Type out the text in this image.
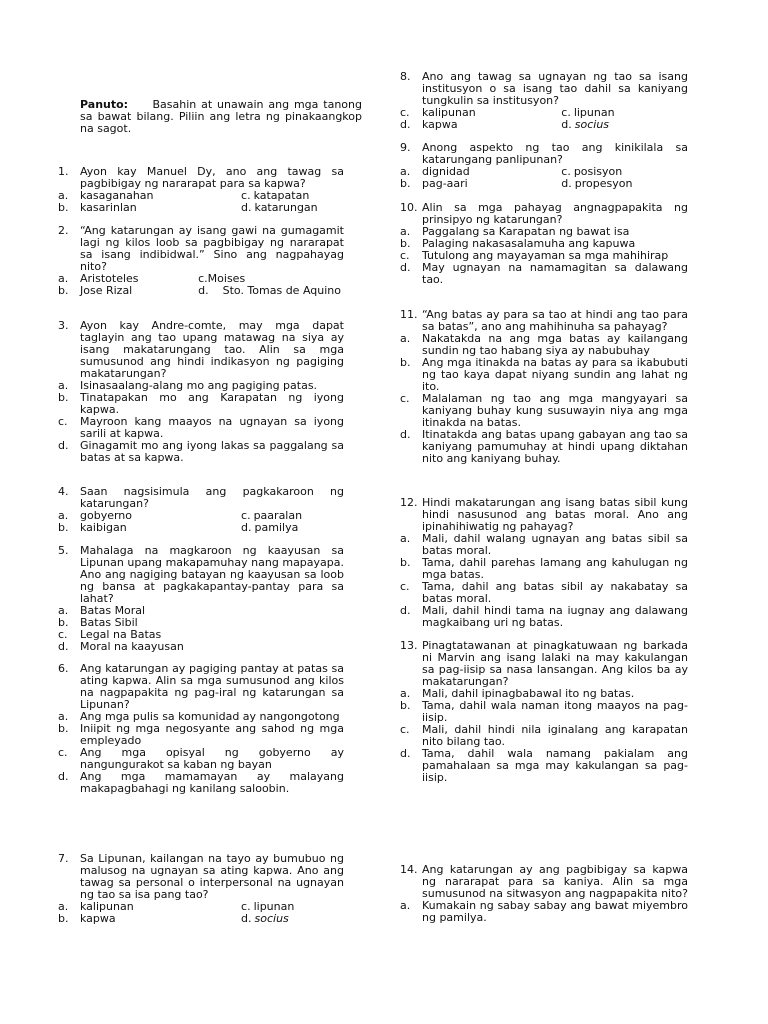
Panuto: Basahin at unawain ang mga tanong sa bawat bilang. Piliin ang letra ng pinakaangkop na sagot.
1.	Ayon kay Manuel Dy, ano ang tawag sa pagbibigay ng nararapat para sa kapwa?
a.	kasaganahan	c. katapatan
b.	kasarinlan	d. katarungan
2.	“Ang katarungan ay isang gawi na gumagamit lagi ng kilos loob sa pagbibigay ng nararapat sa isang indibidwal.” Sino ang nagpahayag nito?
a.	Aristoteles	c. Moises
b.	Jose Rizal	d. Sto. Tomas de Aquino
3.	Ayon kay Andre-comte, may mga dapat taglayin ang tao upang matawag na siya ay isang makatarungang tao. Alin sa mga sumusunod ang hindi indikasyon ng pagiging makatarungan?
a.	Isinasaalang-alang mo ang pagiging patas.
b.	Tinatapakan mo ang Karapatan ng iyong kapwa.
c.	Mayroon kang maayos na ugnayan sa iyong sarili at kapwa.
d.	Ginagamit mo ang iyong lakas sa paggalang sa batas at sa kapwa.
4.	Saan nagsisimula ang pagkakaroon ng katarungan?
a.	gobyerno	c. paaralan
b.	kaibigan	d. pamilya
5.	Mahalaga na magkaroon ng kaayusan sa Lipunan upang makapamuhay nang mapayapa. Ano ang nagiging batayan ng kaayusan sa loob ng bansa at pagkakapantay-pantay para sa lahat?
a.	Batas Moral
b.	Batas Sibil
c.	Legal na Batas
d.	Moral na kaayusan
6.	Ang katarungan ay pagiging pantay at patas sa ating kapwa. Alin sa mga sumusunod ang kilos na nagpapakita ng pag-iral ng katarungan sa Lipunan?
a.	Ang mga pulis sa komunidad ay nangongotong
b.	Iniipit ng mga negosyante ang sahod ng mga empleyado
c.	Ang mga opisyal ng gobyerno ay nangungurakot sa kaban ng bayan
d.	Ang mga mamamayan ay malayang makapagbahagi ng kanilang saloobin.
7.	Sa Lipunan, kailangan na tayo ay bumubuo ng malusog na ugnayan sa ating kapwa. Ano ang tawag sa personal o interpersonal na ugnayan ng tao sa isa pang tao?
a.	kalipunan	c. lipunan
b.	kapwa	d. socius
8.	Ano ang tawag sa ugnayan ng tao sa isang institusyon o sa isang tao dahil sa kaniyang tungkulin sa institusyon?
c.	kalipunan	c. lipunan
d.	kapwa	d. socius
9.	Anong aspekto ng tao ang kinikilala sa katarungang panlipunan?
a.	dignidad	c. posisyon
b.	pag-aari	d. propesyon
10. Alin sa mga pahayag angnagpapakita ng prinsipyo ng katarungan?
a.	Paggalang sa Karapatan ng bawat isa
b.	Palaging nakasasalamuha ang kapuwa
c.	Tutulong ang mayayaman sa mga mahihirap
d.	May ugnayan na namamagitan sa dalawang tao.
11. “Ang batas ay para sa tao at hindi ang tao para sa batas”, ano ang mahihinuha sa pahayag?
a.	Nakatakda na ang mga batas ay kailangang sundin ng tao habang siya ay nabubuhay
b.	Ang mga itinakda na batas ay para sa ikabubuti ng tao kaya dapat niyang sundin ang lahat ng ito.
c.	Malalaman ng tao ang mga mangyayari sa kaniyang buhay kung susuwayin niya ang mga itinakda na batas.
d.	Itinatakda ang batas upang gabayan ang tao sa kaniyang pamumuhay at hindi upang diktahan nito ang kaniyang buhay.
12. Hindi makatarungan ang isang batas sibil kung hindi nasusunod ang batas moral. Ano ang ipinahihiwatig ng pahayag?
a.	Mali, dahil walang ugnayan ang batas sibil sa batas moral.
b.	Tama, dahil parehas lamang ang kahulugan ng mga batas.
c.	Tama, dahil ang batas sibil ay nakabatay sa batas moral.
d.	Mali, dahil hindi tama na iugnay ang dalawang magkaibang uri ng batas.
13. Pinagtatawanan at pinagkatuwaan ng barkada ni Marvin ang isang lalaki na may kakulangan sa pag-iisip sa nasa lansangan. Ang kilos ba ay makatarungan?
a.	Mali, dahil ipinagbabawal ito ng batas.
b.	Tama, dahil wala naman itong maayos na pag-iisip.
c.	Mali, dahil hindi nila iginalang ang karapatan nito bilang tao.
d.	Tama, dahil wala namang pakialam ang pamahalaan sa mga may kakulangan sa pag-iisip.
14. Ang katarungan ay ang pagbibigay sa kapwa ng nararapat para sa kaniya. Alin sa mga sumusunod na sitwasyon ang nagpapakita nito?
a.	Kumakain ng sabay sabay ang bawat miyembro ng pamilya.
